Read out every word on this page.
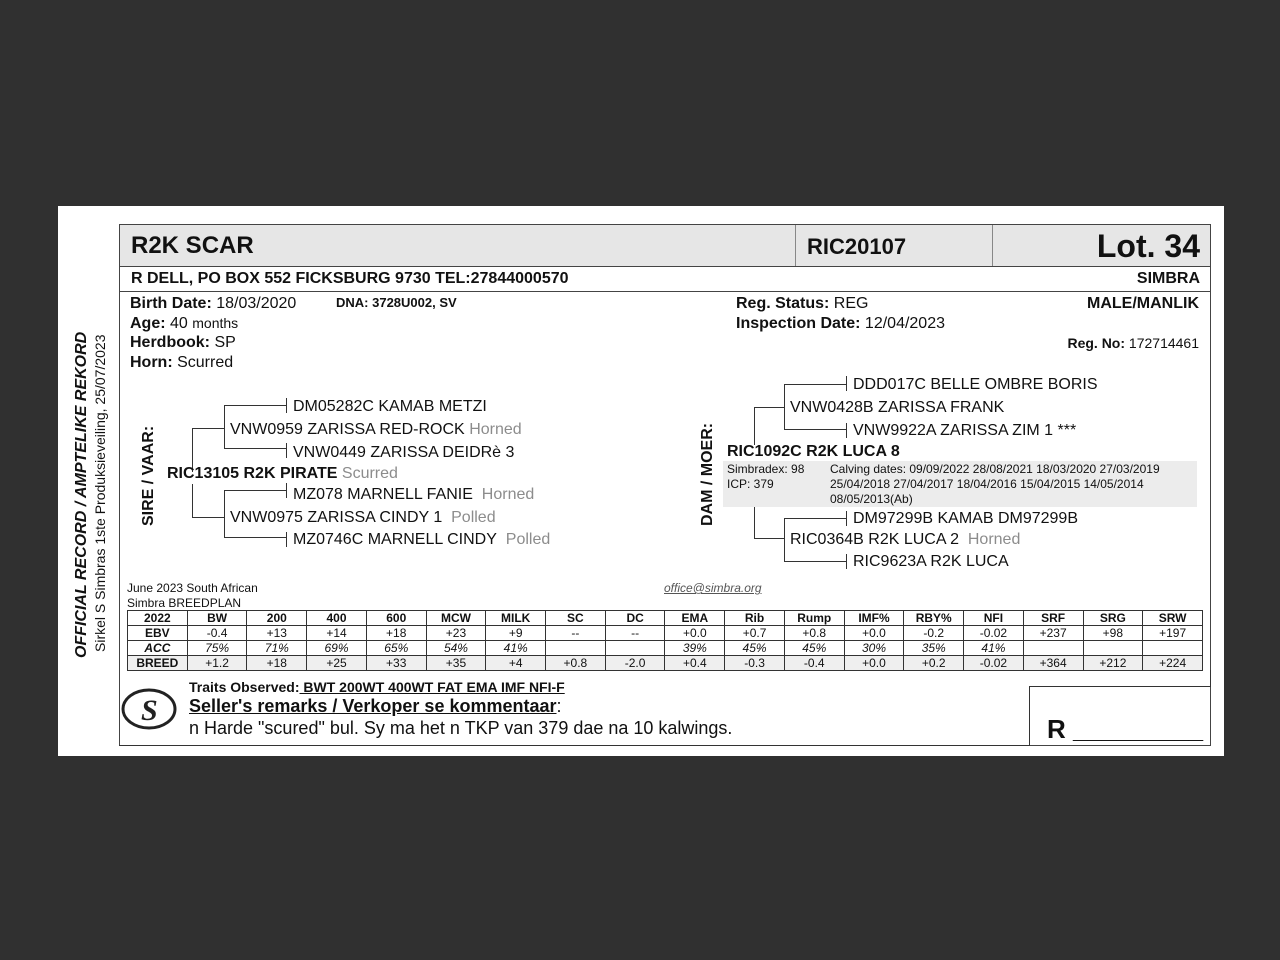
OFFICIAL RECORD / AMPTELIKE REKORD Sirkel S Simbras 1ste Produksieveiling, 25/07/2023
R2K SCAR	RIC20107	Lot. 34
R DELL, PO BOX 552 FICKSBURG 9730 TEL:27844000570	SIMBRA
Birth Date: 18/03/2020	DNA: 3728U002, SV
Age: 40 months
Herdbook: SP
Horn: Scurred
Reg. Status: REG
Inspection Date: 12/04/2023
MALE/MANLIK
Reg. No: 172714461
SIRE / VAAR:
DM05282C KAMAB METZI
VNW0959 ZARISSA RED-ROCK Horned
VNW0449 ZARISSA DEIDRè 3
RIC13105 R2K PIRATE Scurred
MZ078 MARNELL FANIE Horned
VNW0975 ZARISSA CINDY 1 Polled
MZ0746C MARNELL CINDY Polled
DAM / MOER:
DDD017C BELLE OMBRE BORIS
VNW0428B ZARISSA FRANK
VNW9922A ZARISSA ZIM 1 ***
RIC1092C R2K LUCA 8
Simbradex: 98
ICP: 379
Calving dates: 09/09/2022 28/08/2021 18/03/2020 27/03/2019
25/04/2018 27/04/2017 18/04/2016 15/04/2015 14/05/2014
08/05/2013(Ab)
DM97299B KAMAB DM97299B
RIC0364B R2K LUCA 2 Horned
RIC9623A R2K LUCA
June 2023 South African
Simbra BREEDPLAN
office@simbra.org
2022	BW	200	400	600	MCW	MILK	SC	DC	EMA	Rib	Rump	IMF%	RBY%	NFI	SRF	SRG	SRW
EBV	-0.4	+13	+14	+18	+23	+9	--	--	+0.0	+0.7	+0.8	+0.0	-0.2	-0.02	+237	+98	+197
ACC	75%	71%	69%	65%	54%	41%			39%	45%	45%	30%	35%	41%			
BREED	+1.2	+18	+25	+33	+35	+4	+0.8	-2.0	+0.4	-0.3	-0.4	+0.0	+0.2	-0.02	+364	+212	+224
S
Traits Observed: BWT 200WT 400WT FAT EMA IMF NFI-F
Seller's remarks / Verkoper se kommentaar:
n Harde "scured" bul. Sy ma het n TKP van 379 dae na 10 kalwings.	R _________
